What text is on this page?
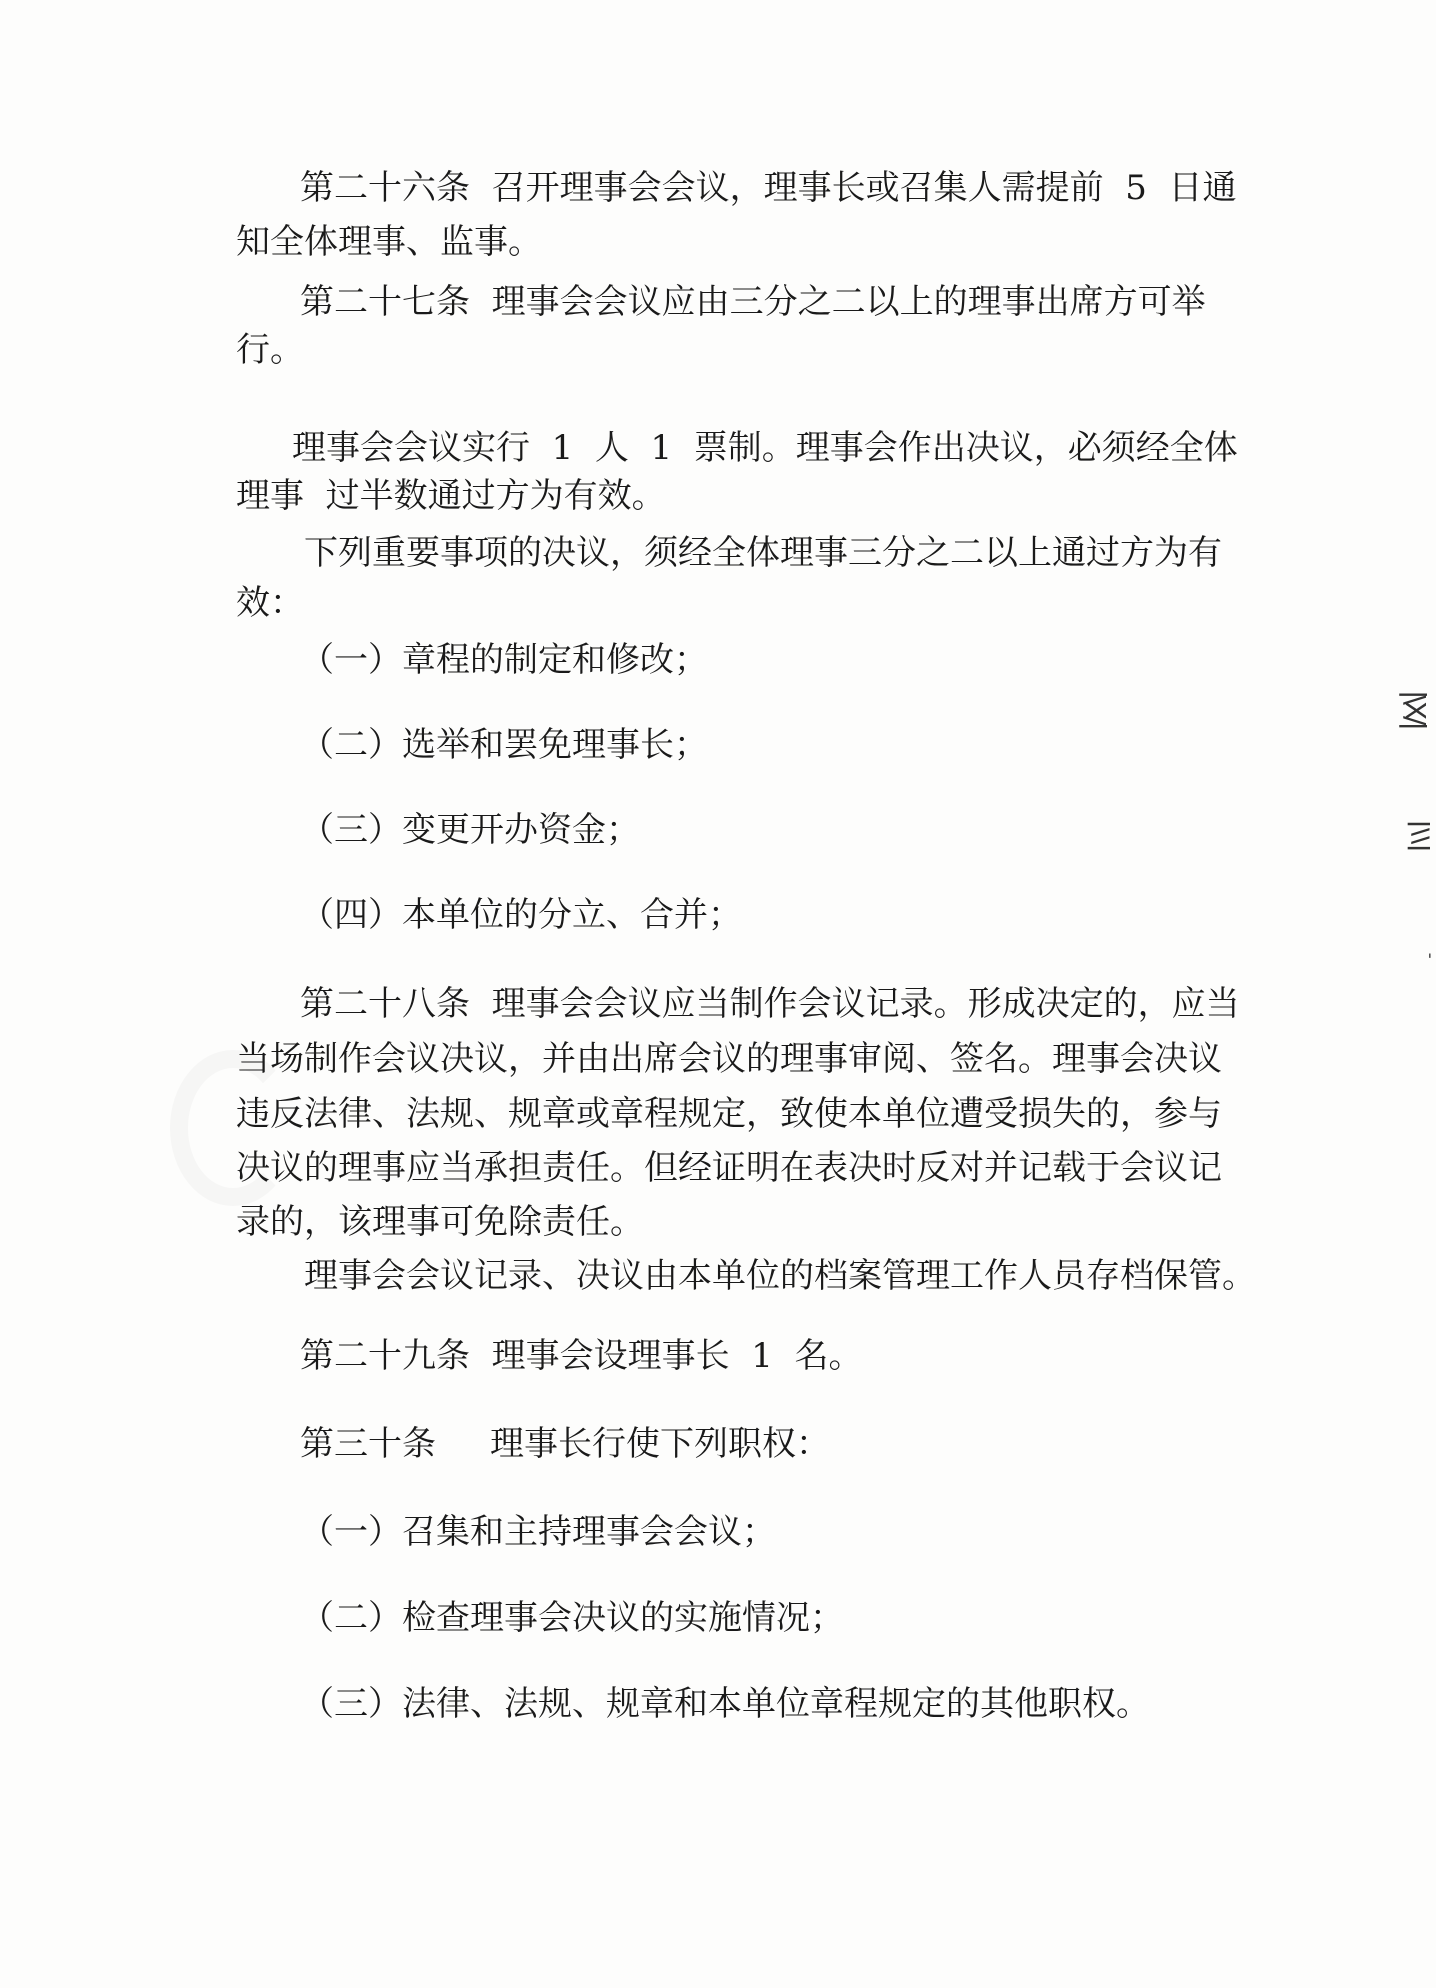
|\X/|
|\\|
'
第二十六条  召开理事会会议，理事长或召集人需提前  5  日通
知全体理事、监事。
第二十七条  理事会会议应由三分之二以上的理事出席方可举
行。
理事会会议实行  1  人  1  票制。理事会作出决议，必须经全体
理事  过半数通过方为有效。
下列重要事项的决议，须经全体理事三分之二以上通过方为有
效：
（一）章程的制定和修改；
（二）选举和罢免理事长；
（三）变更开办资金；
（四）本单位的分立、合并；
第二十八条  理事会会议应当制作会议记录。形成决定的，应当
当场制作会议决议，并由出席会议的理事审阅、签名。理事会决议
违反法律、法规、规章或章程规定，致使本单位遭受损失的，参与
决议的理事应当承担责任。但经证明在表决时反对并记载于会议记
录的，该理事可免除责任。
理事会会议记录、决议由本单位的档案管理工作人员存档保管。
第二十九条  理事会设理事长  1  名。
第三十条     理事长行使下列职权：
（一）召集和主持理事会会议；
（二）检查理事会决议的实施情况；
（三）法律、法规、规章和本单位章程规定的其他职权。
